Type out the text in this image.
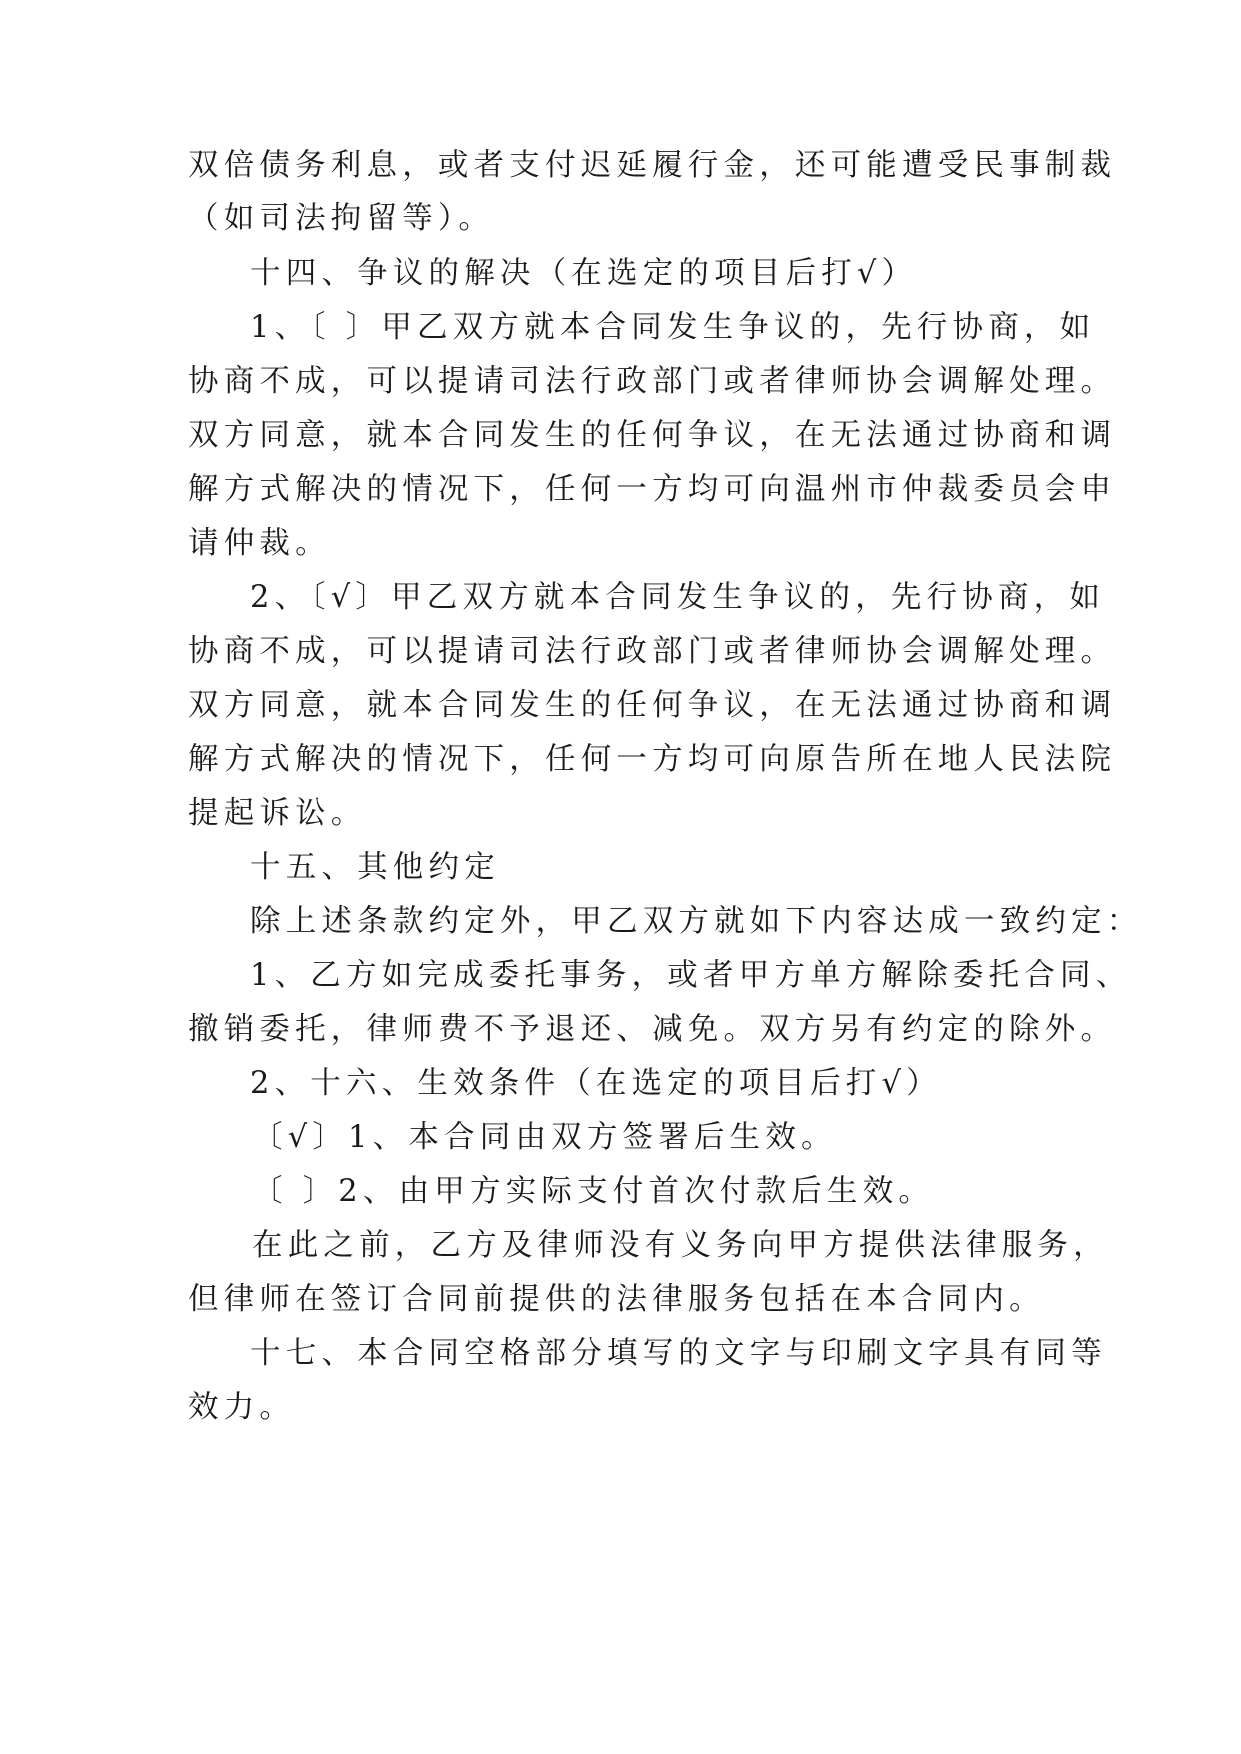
双倍债务利息，或者支付迟延履行金，还可能遭受民事制裁
（如司法拘留等）。
十四、争议的解决（在选定的项目后打√）
1、〔 〕甲乙双方就本合同发生争议的，先行协商，如
协商不成，可以提请司法行政部门或者律师协会调解处理。
双方同意，就本合同发生的任何争议，在无法通过协商和调
解方式解决的情况下，任何一方均可向温州市仲裁委员会申
请仲裁。
2、〔√〕甲乙双方就本合同发生争议的，先行协商，如
协商不成，可以提请司法行政部门或者律师协会调解处理。
双方同意，就本合同发生的任何争议，在无法通过协商和调
解方式解决的情况下，任何一方均可向原告所在地人民法院
提起诉讼。
十五、其他约定
除上述条款约定外，甲乙双方就如下内容达成一致约定：
1、乙方如完成委托事务，或者甲方单方解除委托合同、
撤销委托，律师费不予退还、减免。双方另有约定的除外。
2、十六、生效条件（在选定的项目后打√）
〔√〕1、本合同由双方签署后生效。
〔 〕2、由甲方实际支付首次付款后生效。
在此之前，乙方及律师没有义务向甲方提供法律服务，
但律师在签订合同前提供的法律服务包括在本合同内。
十七、本合同空格部分填写的文字与印刷文字具有同等
效力。
